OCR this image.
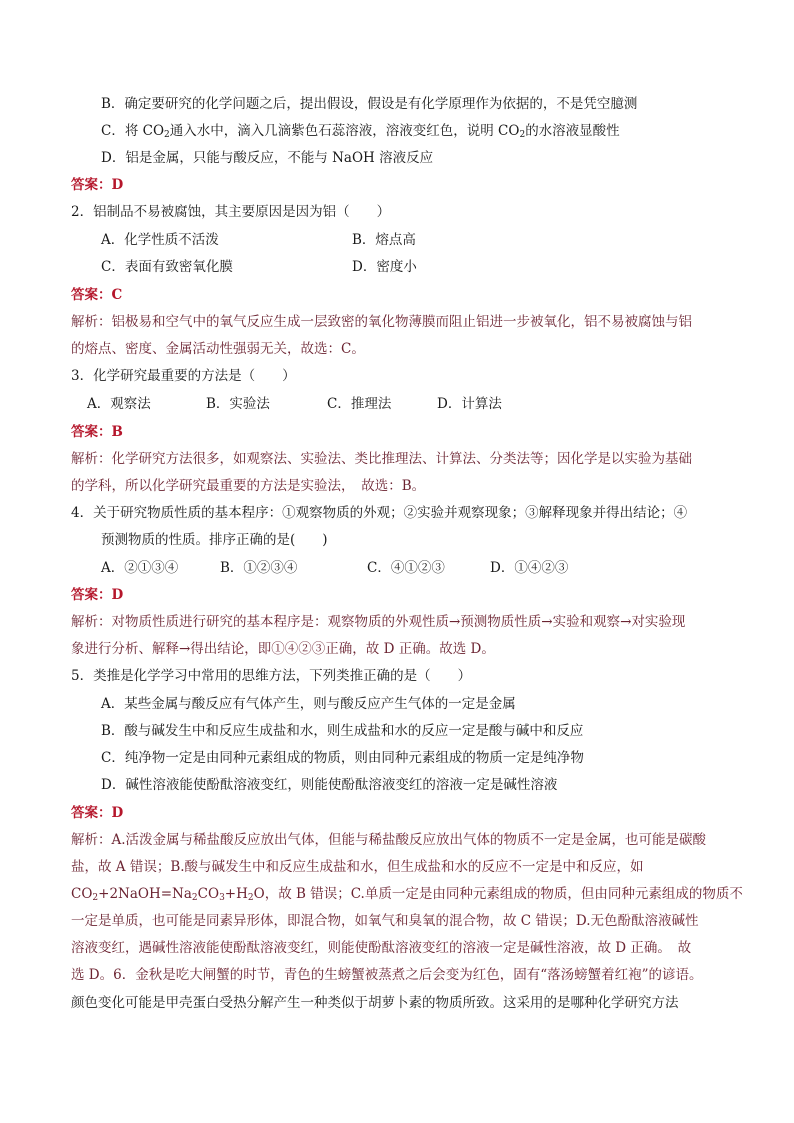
B．确定要研究的化学问题之后，提出假设，假设是有化学原理作为依据的，不是凭空臆测
C．将 $CO_2$通入水中，滴入几滴紫色石蕊溶液，溶液变红色，说明 $CO_2$的水溶液显酸性
D．铝是金属，只能与酸反应，不能与 NaOH 溶液反应
答案：D
2．铝制品不易被腐蚀，其主要原因是因为铝（　　）
A．化学性质不活泼	B．熔点高
C．表面有致密氧化膜	D．密度小
答案：C
解析：铝极易和空气中的氧气反应生成一层致密的氧化物薄膜而阻止铝进一步被氧化，铝不易被腐蚀与铝
的熔点、密度、金属活动性强弱无关，故选：C。
3．化学研究最重要的方法是（　　）
A．观察法	B．实验法	C．推理法	D．计算法
答案：B
解析：化学研究方法很多，如观察法、实验法、类比推理法、计算法、分类法等；因化学是以实验为基础
的学科，所以化学研究最重要的方法是实验法，　故选：B。
4．关于研究物质性质的基本程序：①观察物质的外观；②实验并观察现象；③解释现象并得出结论；④
预测物质的性质。排序正确的是(　　)
A．②①③④	B．①②③④	C．④①②③	D．①④②③
答案：D
解析：对物质性质进行研究的基本程序是：观察物质的外观性质→预测物质性质→实验和观察→对实验现
象进行分析、解释→得出结论，即①④②③正确，故 D 正确。故选 D。
5．类推是化学学习中常用的思维方法，下列类推正确的是（　　）
A．某些金属与酸反应有气体产生，则与酸反应产生气体的一定是金属
B．酸与碱发生中和反应生成盐和水，则生成盐和水的反应一定是酸与碱中和反应
C．纯净物一定是由同种元素组成的物质，则由同种元素组成的物质一定是纯净物
D．碱性溶液能使酚酞溶液变红，则能使酚酞溶液变红的溶液一定是碱性溶液
答案：D
解析：A.活泼金属与稀盐酸反应放出气体，但能与稀盐酸反应放出气体的物质不一定是金属，也可能是碳酸
盐，故 A 错误；B.酸与碱发生中和反应生成盐和水，但生成盐和水的反应不一定是中和反应，如
$CO_2+2NaOH=Na_2CO_3+H_2O$，故 B 错误；C.单质一定是由同种元素组成的物质，但由同种元素组成的物质不
一定是单质，也可能是同素异形体，即混合物，如氧气和臭氧的混合物，故 C 错误；D.无色酚酞溶液碱性
溶液变红，遇碱性溶液能使酚酞溶液变红，则能使酚酞溶液变红的溶液一定是碱性溶液，故 D 正确。　故
选 D。6．金秋是吃大闸蟹的时节，青色的生螃蟹被蒸煮之后会变为红色，固有“落汤螃蟹着红袍”的谚语。
颜色变化可能是甲壳蛋白受热分解产生一种类似于胡萝卜素的物质所致。这采用的是哪种化学研究方法
